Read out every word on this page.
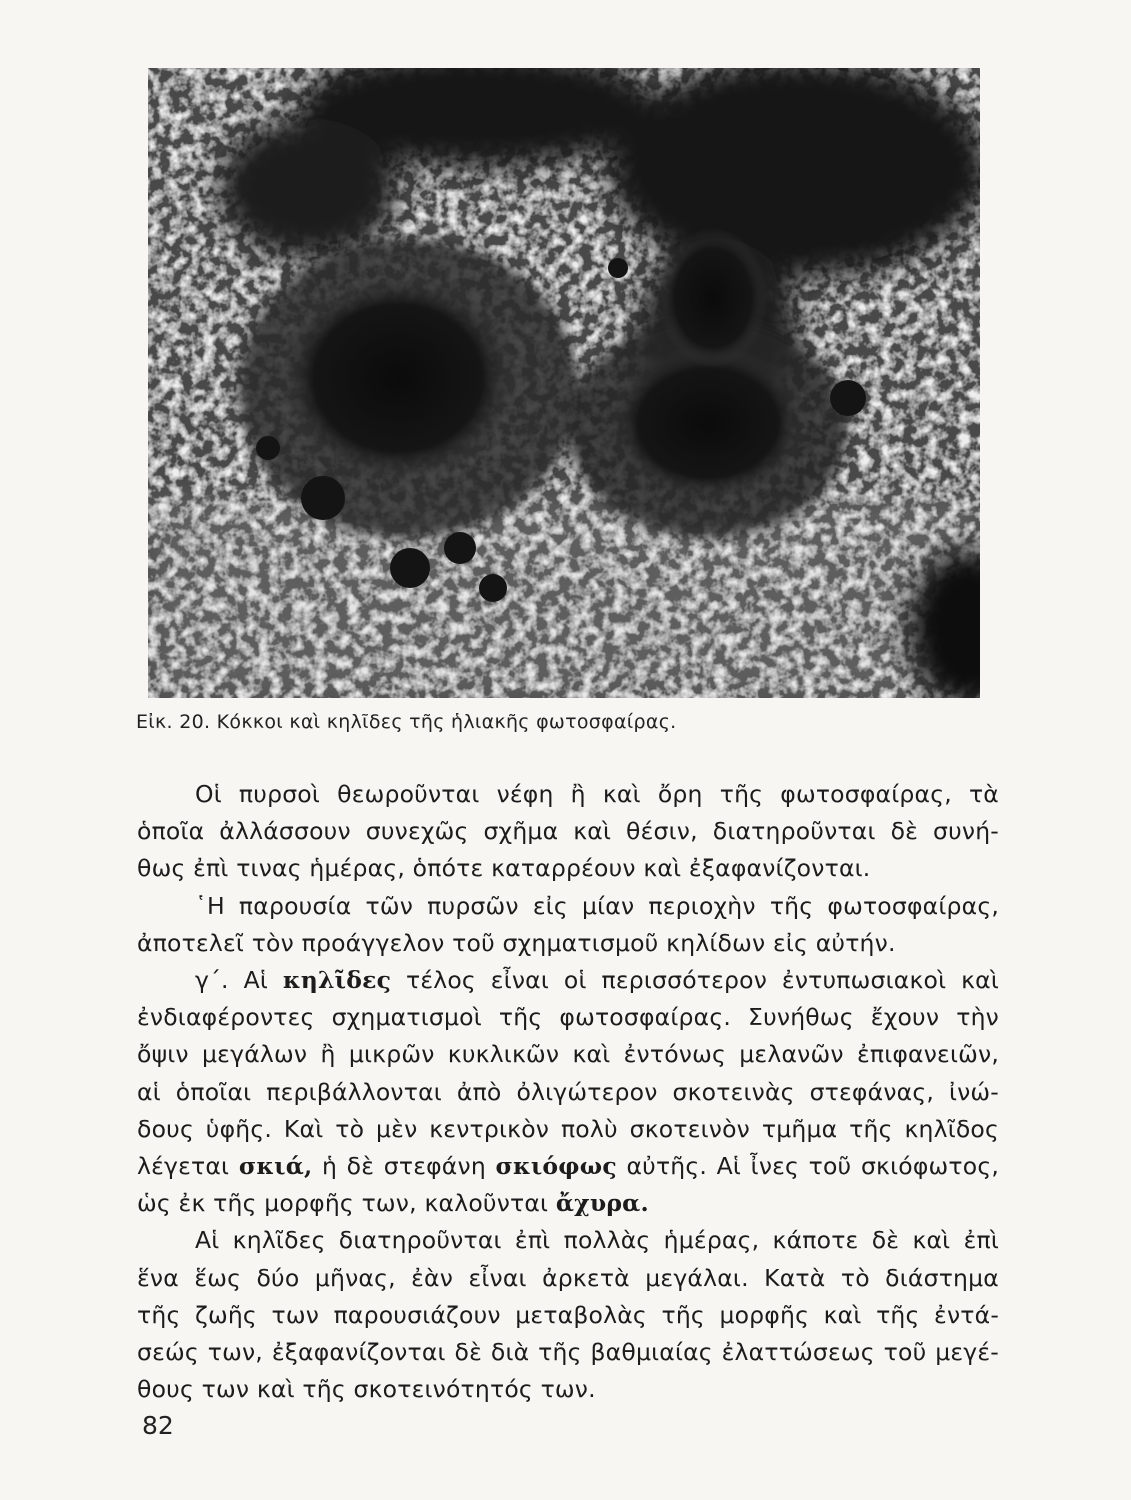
Εἰκ. 20. Κόκκοι καὶ κηλῖδες τῆς ἡλιακῆς φωτοσφαίρας.

Οἱ πυρσοὶ θεωροῦνται νέφη ἢ καὶ ὄρη τῆς φωτοσφαίρας, τὰ
ὁποῖα ἀλλάσσουν συνεχῶς σχῆμα καὶ θέσιν, διατηροῦνται δὲ συνή-
θως ἐπὶ τινας ἡμέρας, ὁπότε καταρρέουν καὶ ἐξαφανίζονται.

῾Η παρουσία τῶν πυρσῶν εἰς μίαν περιοχὴν τῆς φωτοσφαίρας,
ἀποτελεῖ τὸν προάγγελον τοῦ σχηματισμοῦ κηλίδων εἰς αὐτήν.

γ΄. Αἱ κηλῖδες τέλος εἶναι οἱ περισσότερον ἐντυπωσιακοὶ καὶ
ἐνδιαφέροντες σχηματισμοὶ τῆς φωτοσφαίρας. Συνήθως ἔχουν τὴν
ὄψιν μεγάλων ἢ μικρῶν κυκλικῶν καὶ ἐντόνως μελανῶν ἐπιφανειῶν,
αἱ ὁποῖαι περιβάλλονται ἀπὸ ὀλιγώτερον σκοτεινὰς στεφάνας, ἰνώ-
δους ὑφῆς. Καὶ τὸ μὲν κεντρικὸν πολὺ σκοτεινὸν τμῆμα τῆς κηλῖδος
λέγεται σκιά, ἡ δὲ στεφάνη σκιόφως αὐτῆς. Αἱ ἶνες τοῦ σκιόφωτος,
ὡς ἐκ τῆς μορφῆς των, καλοῦνται ἄχυρα.

Αἱ κηλῖδες διατηροῦνται ἐπὶ πολλὰς ἡμέρας, κάποτε δὲ καὶ ἐπὶ
ἕνα ἕως δύο μῆνας, ἐὰν εἶναι ἀρκετὰ μεγάλαι. Κατὰ τὸ διάστημα
τῆς ζωῆς των παρουσιάζουν μεταβολὰς τῆς μορφῆς καὶ τῆς ἐντά-
σεώς των, ἐξαφανίζονται δὲ διὰ τῆς βαθμιαίας ἐλαττώσεως τοῦ μεγέ-
θους των καὶ τῆς σκοτεινότητός των.

82
